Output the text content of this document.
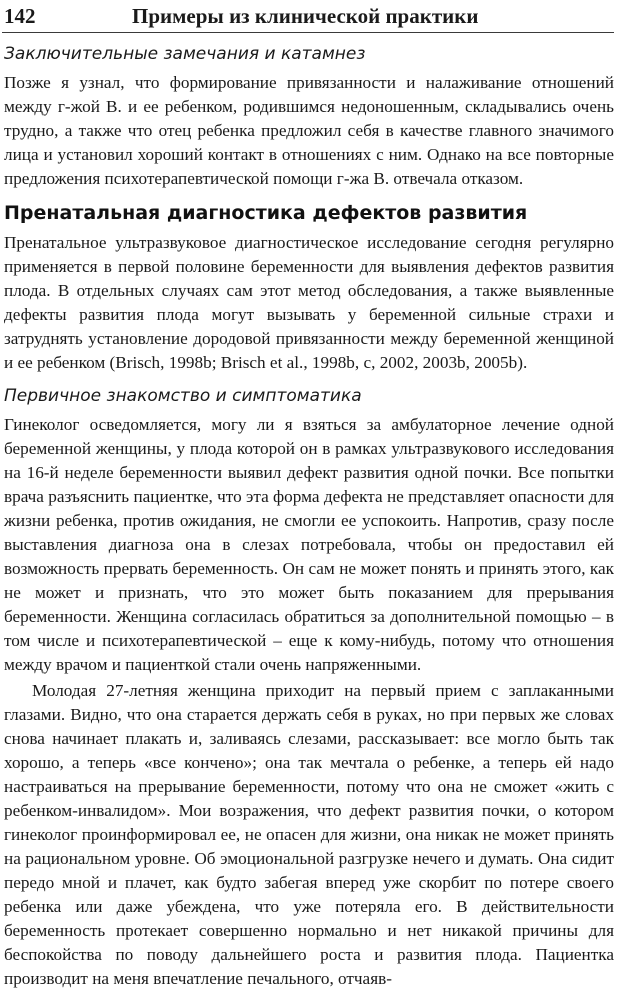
142	Примеры из клинической практики
Заключительные замечания и катамнез

Позже я узнал, что формирование привязанности и налаживание отношений между г-жой В. и ее ребенком, родившимся недоношенным, складывались очень трудно, а также что отец ребенка предложил себя в качестве главного значимого лица и установил хороший контакт в отношениях с ним. Однако на все повторные предложения психотерапевтической помощи г-жа В. отвечала отказом.

Пренатальная диагностика дефектов развития

Пренатальное ультразвуковое диагностическое исследование сегодня регулярно применяется в первой половине беременности для выявления дефектов развития плода. В отдельных случаях сам этот метод обследования, а также выявленные дефекты развития плода могут вызывать у беременной сильные страхи и затруднять установление дородовой привязанности между беременной женщиной и ее ребенком (Brisch, 1998b; Brisch et al., 1998b, c, 2002, 2003b, 2005b).

Первичное знакомство и симптоматика

Гинеколог осведомляется, могу ли я взяться за амбулаторное лечение одной беременной женщины, у плода которой он в рамках ультразвукового исследования на 16-й неделе беременности выявил дефект развития одной почки. Все попытки врача разъяснить пациентке, что эта форма дефекта не представляет опасности для жизни ребенка, против ожидания, не смогли ее успокоить. Напротив, сразу после выставления диагноза она в слезах потребовала, чтобы он предоставил ей возможность прервать беременность. Он сам не может понять и принять этого, как не может и признать, что это может быть показанием для прерывания беременности. Женщина согласилась обратиться за дополнительной помощью – в том числе и психотерапевтической – еще к кому-нибудь, потому что отношения между врачом и пациенткой стали очень напряженными.

Молодая 27-летняя женщина приходит на первый прием с заплаканными глазами. Видно, что она старается держать себя в руках, но при первых же словах снова начинает плакать и, заливаясь слезами, рассказывает: все могло быть так хорошо, а теперь «все кончено»; она так мечтала о ребенке, а теперь ей надо настраиваться на прерывание беременности, потому что она не сможет «жить с ребенком-инвалидом». Мои возражения, что дефект развития почки, о котором гинеколог проинформировал ее, не опасен для жизни, она никак не может принять на рациональном уровне. Об эмоциональной разгрузке нечего и думать. Она сидит передо мной и плачет, как будто забегая вперед уже скорбит по потере своего ребенка или даже убеждена, что уже потеряла его. В действительности беременность протекает совершенно нормально и нет никакой причины для беспокойства по поводу дальнейшего роста и развития плода. Пациентка производит на меня впечатление печального, отчаяв-
